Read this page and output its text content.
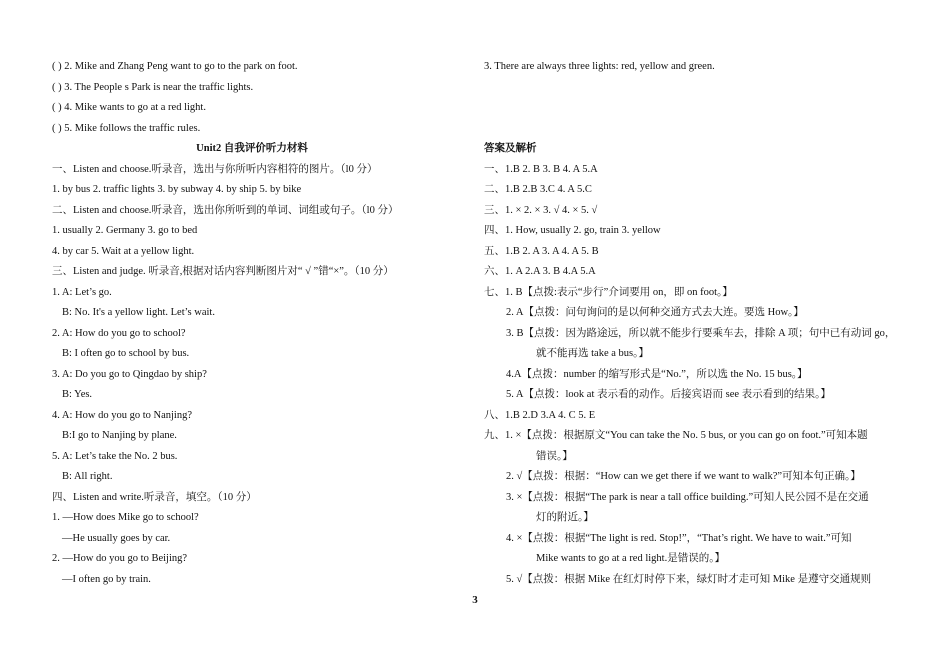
( ) 2. Mike and Zhang Peng want to go to the park on foot.
( ) 3. The People s Park is near the traffic lights.
( ) 4. Mike wants to go at a red light.
( ) 5. Mike follows the traffic rules.
Unit2 自我评价听力材料
一、Listen and choose.听录音，选出与你所听内容相符的图片。（l0 分）
1. by bus 2. traffic lights 3. by subway 4. by ship 5. by bike
二、Listen and choose.听录音，选出你所听到的单词、词组或句子。（l0 分）
1. usually 2. Germany 3. go to bed
4. by car 5. Wait at a yellow light.
三、Listen and judge. 听录音,根据对话内容判断图片对“ √ ”错“×”。（10 分）
1. A: Let’s go.
B: No. It's a yellow light. Let’s wait.
2. A: How do you go to school?
B: I often go to school by bus.
3. A: Do you go to Qingdao by ship?
B: Yes.
4. A: How do you go to Nanjing?
B:I go to Nanjing by plane.
5. A: Let’s take the No. 2 bus.
B: All right.
四、Listen and write.听录音，填空。（10 分）
1. —How does Mike go to school?
—He usually goes by car.
2. —How do you go to Beijing?
—I often go by train.
3. There are always three lights: red, yellow and green.
答案及解析
一、1.B 2. B 3. B 4. A 5.A
二、1.B 2.B 3.C 4. A 5.C
三、1. × 2. × 3. √ 4. × 5. √
四、1. How, usually 2. go, train 3. yellow
五、1.B 2. A 3. A 4. A 5. B
六、1. A 2.A 3. B 4.A 5.A
七、1. B【点拨:表示“步行”介词要用 on，即 on foot。】
2. A【点拨：问句询问的是以何种交通方式去大连。要选 How。】
3. B【点拨：因为路途远，所以就不能步行要乘车去，排除 A 项；句中已有动词 go，
就不能再选 take a bus。】
4.A【点拨：number 的缩写形式是“No.”，所以选 the No. 15 bus。】
5. A【点拨：look at 表示看的动作。后接宾语而 see 表示看到的结果。】
八、1.B 2.D 3.A 4. C 5. E
九、1. ×【点拨：根据原文“You can take the No. 5 bus, or you can go on foot.”可知本题
错误。】
2. √【点拨：根据：“How can we get there if we want to walk?”可知本句正确。】
3. ×【点拨：根据“The park is near a tall office building.”可知人民公园不是在交通
灯的附近。】
4. ×【点拨：根据“The light is red. Stop!”，“That’s right. We have to wait.”可知
Mike wants to go at a red light.是错误的。】
5. √【点拨：根据 Mike 在红灯时停下来，绿灯时才走可知 Mike 是遵守交通规则
3
